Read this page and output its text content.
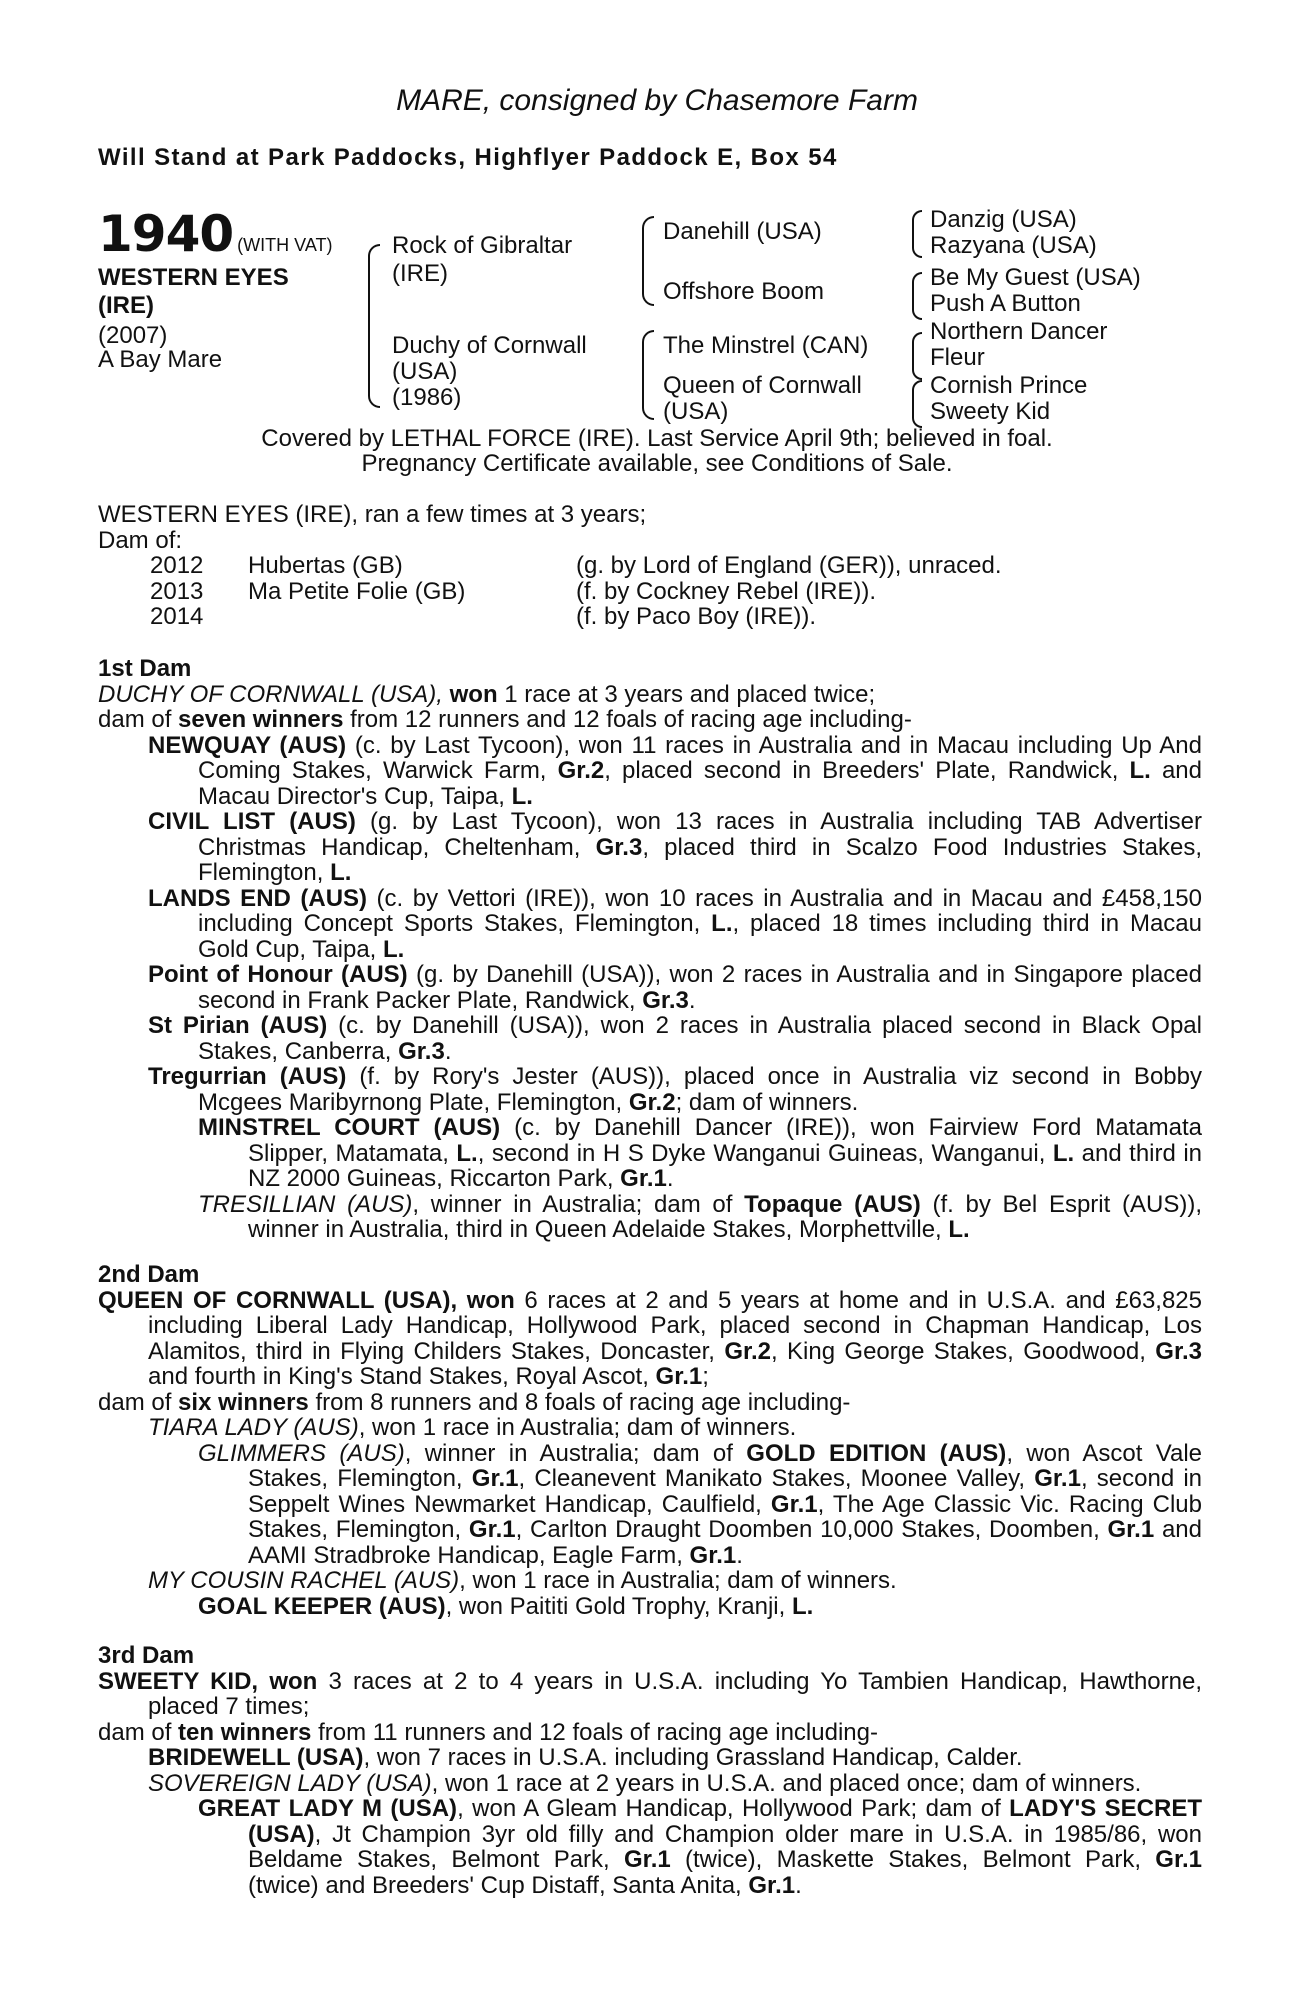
MARE, consigned by Chasemore Farm
Will Stand at Park Paddocks, Highflyer Paddock E, Box 54
1940 (WITH VAT)
WESTERN EYES
(IRE)
(2007)
A Bay Mare
Rock of Gibraltar
(IRE)
Duchy of Cornwall
(USA)
(1986)
Danehill (USA)
Offshore Boom
The Minstrel (CAN)
Queen of Cornwall
(USA)
Danzig (USA)
Razyana (USA)
Be My Guest (USA)
Push A Button
Northern Dancer
Fleur
Cornish Prince
Sweety Kid
Covered by LETHAL FORCE (IRE). Last Service April 9th; believed in foal.
Pregnancy Certificate available, see Conditions of Sale.
WESTERN EYES (IRE), ran a few times at 3 years;
Dam of:
2012	Hubertas (GB)	(g. by Lord of England (GER)), unraced.
2013	Ma Petite Folie (GB)	(f. by Cockney Rebel (IRE)).
2014		(f. by Paco Boy (IRE)).
1st Dam

DUCHY OF CORNWALL (USA), won 1 race at 3 years and placed twice;

dam of seven winners from 12 runners and 12 foals of racing age including-

NEWQUAY (AUS) (c. by Last Tycoon), won 11 races in Australia and in Macau including Up And Coming Stakes, Warwick Farm, Gr.2, placed second in Breeders' Plate, Randwick, L. and Macau Director's Cup, Taipa, L.

CIVIL LIST (AUS) (g. by Last Tycoon), won 13 races in Australia including TAB Advertiser Christmas Handicap, Cheltenham, Gr.3, placed third in Scalzo Food Industries Stakes, Flemington, L.

LANDS END (AUS) (c. by Vettori (IRE)), won 10 races in Australia and in Macau and £458,150 including Concept Sports Stakes, Flemington, L., placed 18 times including third in Macau Gold Cup, Taipa, L.

Point of Honour (AUS) (g. by Danehill (USA)), won 2 races in Australia and in Singapore placed second in Frank Packer Plate, Randwick, Gr.3.

St Pirian (AUS) (c. by Danehill (USA)), won 2 races in Australia placed second in Black Opal Stakes, Canberra, Gr.3.

Tregurrian (AUS) (f. by Rory's Jester (AUS)), placed once in Australia viz second in Bobby Mcgees Maribyrnong Plate, Flemington, Gr.2; dam of winners.

MINSTREL COURT (AUS) (c. by Danehill Dancer (IRE)), won Fairview Ford Matamata Slipper, Matamata, L., second in H S Dyke Wanganui Guineas, Wanganui, L. and third in NZ 2000 Guineas, Riccarton Park, Gr.1.

TRESILLIAN (AUS), winner in Australia; dam of Topaque (AUS) (f. by Bel Esprit (AUS)), winner in Australia, third in Queen Adelaide Stakes, Morphettville, L.

2nd Dam

QUEEN OF CORNWALL (USA), won 6 races at 2 and 5 years at home and in U.S.A. and £63,825 including Liberal Lady Handicap, Hollywood Park, placed second in Chapman Handicap, Los Alamitos, third in Flying Childers Stakes, Doncaster, Gr.2, King George Stakes, Goodwood, Gr.3 and fourth in King's Stand Stakes, Royal Ascot, Gr.1;

dam of six winners from 8 runners and 8 foals of racing age including-

TIARA LADY (AUS), won 1 race in Australia; dam of winners.

GLIMMERS (AUS), winner in Australia; dam of GOLD EDITION (AUS), won Ascot Vale Stakes, Flemington, Gr.1, Cleanevent Manikato Stakes, Moonee Valley, Gr.1, second in Seppelt Wines Newmarket Handicap, Caulfield, Gr.1, The Age Classic Vic. Racing Club Stakes, Flemington, Gr.1, Carlton Draught Doomben 10,000 Stakes, Doomben, Gr.1 and AAMI Stradbroke Handicap, Eagle Farm, Gr.1.

MY COUSIN RACHEL (AUS), won 1 race in Australia; dam of winners.

GOAL KEEPER (AUS), won Paititi Gold Trophy, Kranji, L.

3rd Dam

SWEETY KID, won 3 races at 2 to 4 years in U.S.A. including Yo Tambien Handicap, Hawthorne, placed 7 times;

dam of ten winners from 11 runners and 12 foals of racing age including-

BRIDEWELL (USA), won 7 races in U.S.A. including Grassland Handicap, Calder.

SOVEREIGN LADY (USA), won 1 race at 2 years in U.S.A. and placed once; dam of winners.

GREAT LADY M (USA), won A Gleam Handicap, Hollywood Park; dam of LADY'S SECRET (USA), Jt Champion 3yr old filly and Champion older mare in U.S.A. in 1985/86, won Beldame Stakes, Belmont Park, Gr.1 (twice), Maskette Stakes, Belmont Park, Gr.1 (twice) and Breeders' Cup Distaff, Santa Anita, Gr.1.
